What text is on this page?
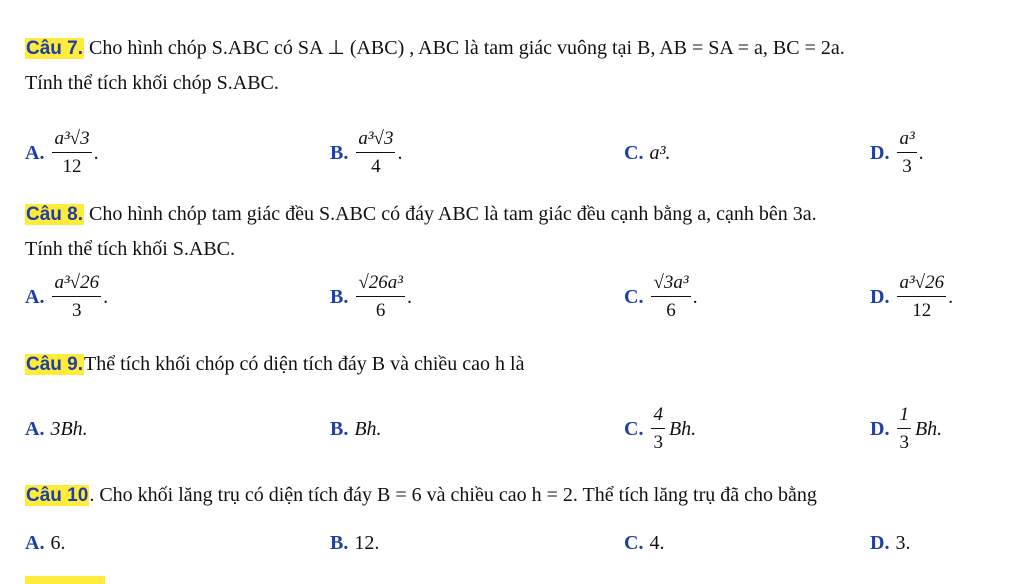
Câu 7. Cho hình chóp S.ABC có SA ⊥ (ABC) , ABC là tam giác vuông tại B, AB = SA = a, BC = 2a.
Tính thể tích khối chóp S.ABC.
A. $\frac{\text{a³√3}}{12}$ .	B. $\frac{\text{a³√3}}{4}$ .	C. a³.	D. $\frac{\text{a³}}{3}$ .
Câu 8. Cho hình chóp tam giác đều S.ABC có đáy ABC là tam giác đều cạnh bằng a, cạnh bên 3a.
Tính thể tích khối S.ABC.
A. $\frac{\text{a³√26}}{3}$ .	B. $\frac{\text{√26a³}}{6}$ .	C. $\frac{\text{√3a³}}{6}$ .	D. $\frac{\text{a³√26}}{12}$ .
Câu 9.Thể tích khối chóp có diện tích đáy B và chiều cao h là
A. 3Bh.	B. Bh.	C. $\frac{4}{3} Bh$.	D. $\frac{1}{3} Bh$.
Câu 10. Cho khối lăng trụ có diện tích đáy B = 6 và chiều cao h = 2. Thể tích lăng trụ đã cho bằng
A. 6.	B. 12.	C. 4.	D. 3.
